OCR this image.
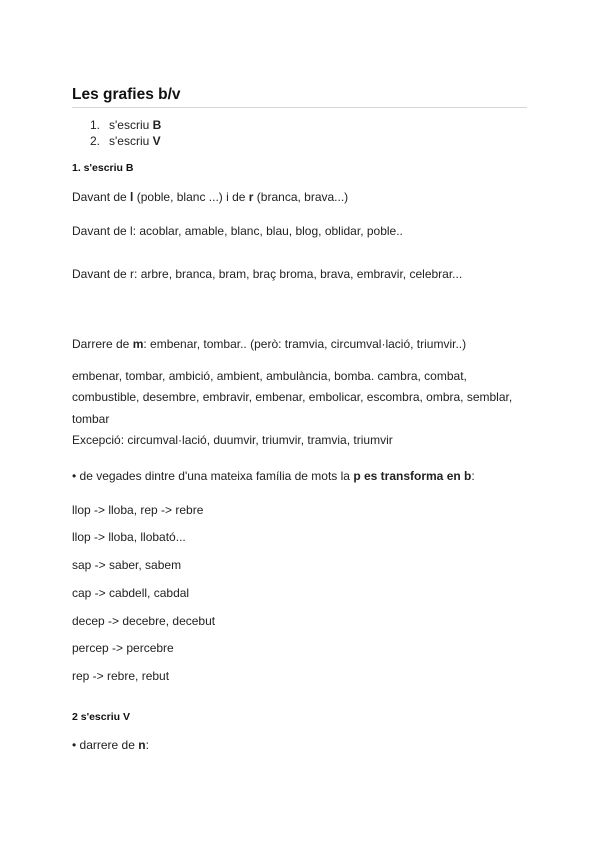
Les grafies b/v
1. s'escriu B
2. s'escriu V
1. s'escriu B
Davant de l (poble, blanc ...) i de r (branca, brava...)
Davant de l: acoblar, amable, blanc, blau, blog, oblidar, poble..
Davant de r: arbre, branca, bram, braç broma, brava, embravir, celebrar...
Darrere de m: embenar, tombar.. (però: tramvia, circumval·lació, triumvir..)
embenar, tombar, ambició, ambient, ambulància, bomba. cambra, combat,
combustible, desembre, embravir, embenar, embolicar, escombra, ombra, semblar,
tombar
Excepció: circumval·lació, duumvir, triumvir, tramvia, triumvir
• de vegades dintre d'una mateixa família de mots la p es transforma en b:
llop -> lloba, rep -> rebre
llop -> lloba, llobató...
sap -> saber, sabem
cap -> cabdell, cabdal
decep -> decebre, decebut
percep -> percebre
rep -> rebre, rebut
2 s'escriu V
• darrere de n:
